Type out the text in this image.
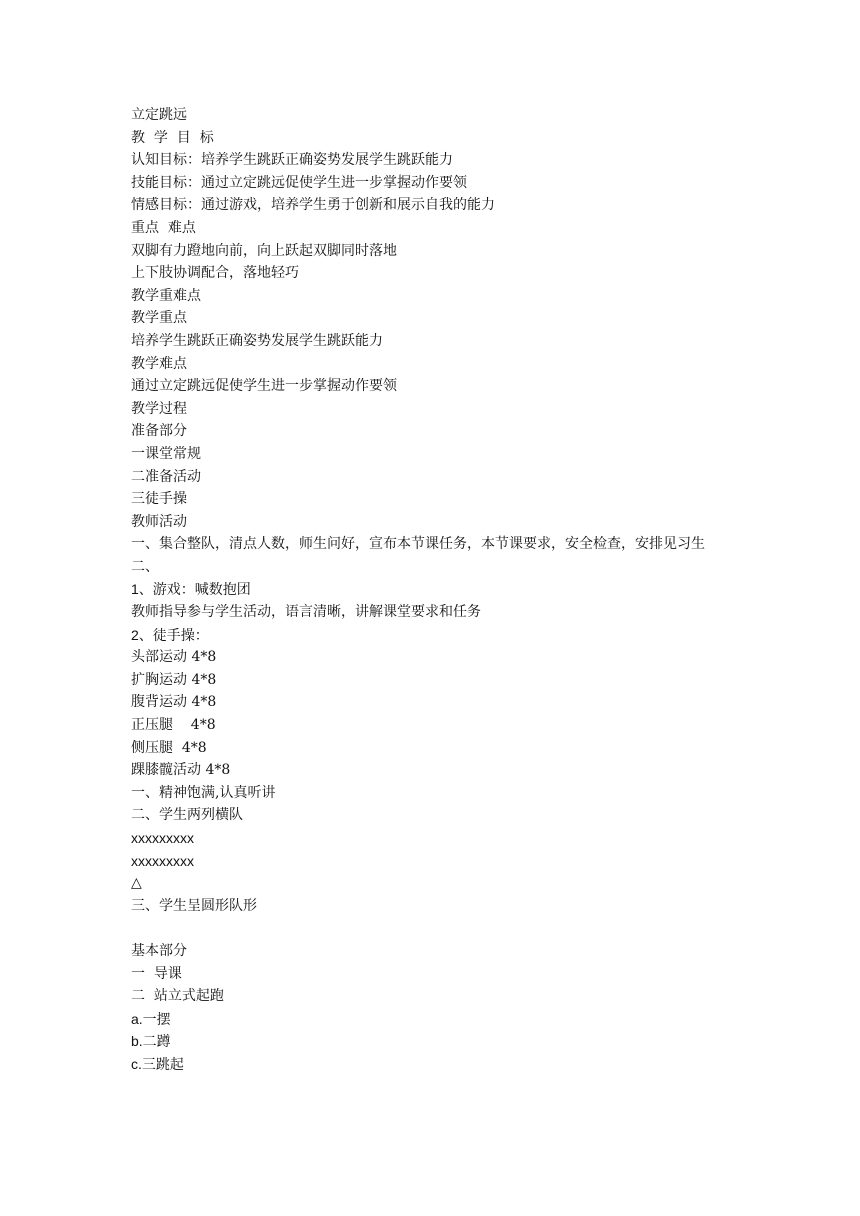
立定跳远
教  学  目  标
认知目标：培养学生跳跃正确姿势发展学生跳跃能力
技能目标：通过立定跳远促使学生进一步掌握动作要领
情感目标：通过游戏，培养学生勇于创新和展示自我的能力
重点  难点
双脚有力蹬地向前，向上跃起双脚同时落地
上下肢协调配合，落地轻巧
教学重难点
教学重点
培养学生跳跃正确姿势发展学生跳跃能力
教学难点
通过立定跳远促使学生进一步掌握动作要领
教学过程
准备部分
一课堂常规
二准备活动
三徒手操
教师活动
一、集合整队，清点人数，师生问好，宣布本节课任务，本节课要求，安全检查，安排见习生
二、
1、游戏：喊数抱团
教师指导参与学生活动，语言清晰，讲解课堂要求和任务
2、徒手操：
头部运动 4*8
扩胸运动 4*8
腹背运动 4*8
正压腿    4*8
侧压腿  4*8
踝膝髋活动 4*8
一、精神饱满,认真听讲
二、学生两列横队
xxxxxxxxx
xxxxxxxxx
△
三、学生呈圆形队形
基本部分
一  导课
二  站立式起跑
a.一摆
b.二蹲
c.三跳起
